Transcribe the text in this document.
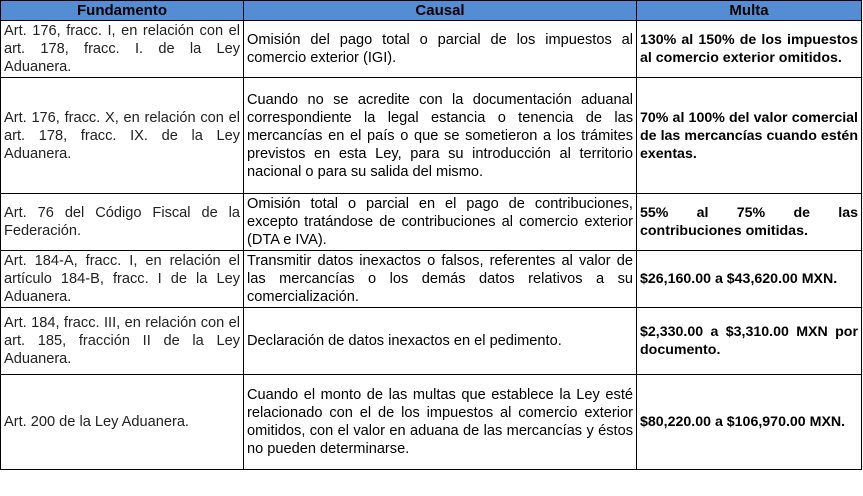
Fundamento	Causal	Multa
Art. 176, fracc. I, en relación con el art. 178, fracc. I. de la Ley Aduanera.	Omisión del pago total o parcial de los impuestos al comercio exterior (IGI).	130% al 150% de los impuestos al comercio exterior omitidos.
Art. 176, fracc. X, en relación con el art. 178, fracc. IX. de la Ley Aduanera.	Cuando no se acredite con la documentación aduanal correspondiente la legal estancia o tenencia de las mercancías en el país o que se sometieron a los trámites previstos en esta Ley, para su introducción al territorio nacional o para su salida del mismo.	70% al 100% del valor comercial de las mercancías cuando estén exentas.
Art. 76 del Código Fiscal de la Federación.	Omisión total o parcial en el pago de contribuciones, excepto tratándose de contribuciones al comercio exterior (DTA e IVA).	55% al 75% de las contribuciones omitidas.
Art. 184-A, fracc. I, en relación el artículo 184-B, fracc. I de la Ley Aduanera.	Transmitir datos inexactos o falsos, referentes al valor de las mercancías o los demás datos relativos a su comercialización.	$26,160.00 a $43,620.00 MXN.
Art. 184, fracc. III, en relación con el art. 185, fracción II de la Ley Aduanera.	Declaración de datos inexactos en el pedimento.	$2,330.00 a $3,310.00 MXN por documento.
Art. 200 de la Ley Aduanera.	Cuando el monto de las multas que establece la Ley esté relacionado con el de los impuestos al comercio exterior omitidos, con el valor en aduana de las mercancías y éstos no pueden determinarse.	$80,220.00 a $106,970.00 MXN.
